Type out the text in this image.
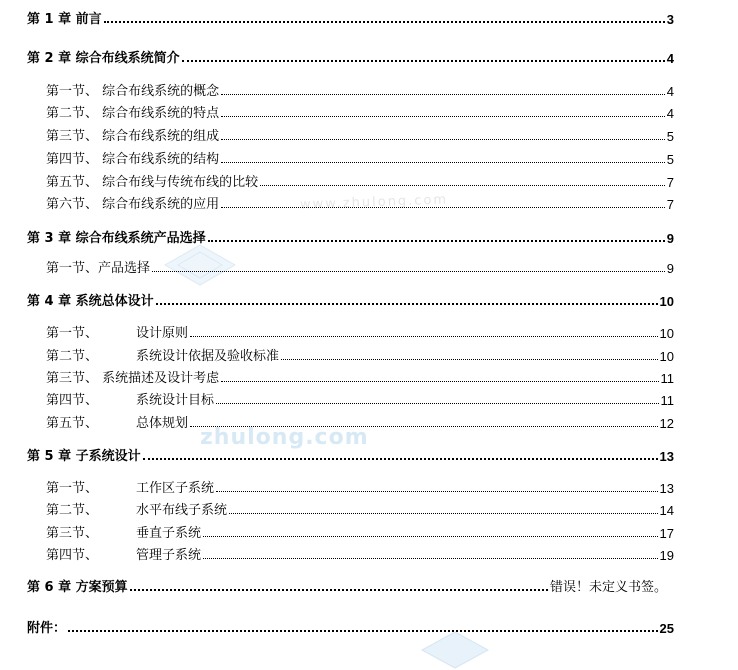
www.zhulong.com
zhulong.com
第 1 章 前言	3
第 2 章 综合布线系统简介	4
第一节、 综合布线系统的概念	4
第二节、 综合布线系统的特点	4
第三节、 综合布线系统的组成	5
第四节、 综合布线系统的结构	5
第五节、 综合布线与传统布线的比较	7
第六节、 综合布线系统的应用	7
第 3 章 综合布线系统产品选择	9
第一节、产品选择	9
第 4 章 系统总体设计	10
第一节、	设计原则	10
第二节、	系统设计依据及验收标准	10
第三节、 系统描述及设计考虑	11
第四节、	系统设计目标	11
第五节、	总体规划	12
第 5 章 子系统设计	13
第一节、	工作区子系统	13
第二节、	水平布线子系统	14
第三节、	垂直子系统	17
第四节、	管理子系统	19
第 6 章 方案预算	错误！未定义书签。
附件：	25
